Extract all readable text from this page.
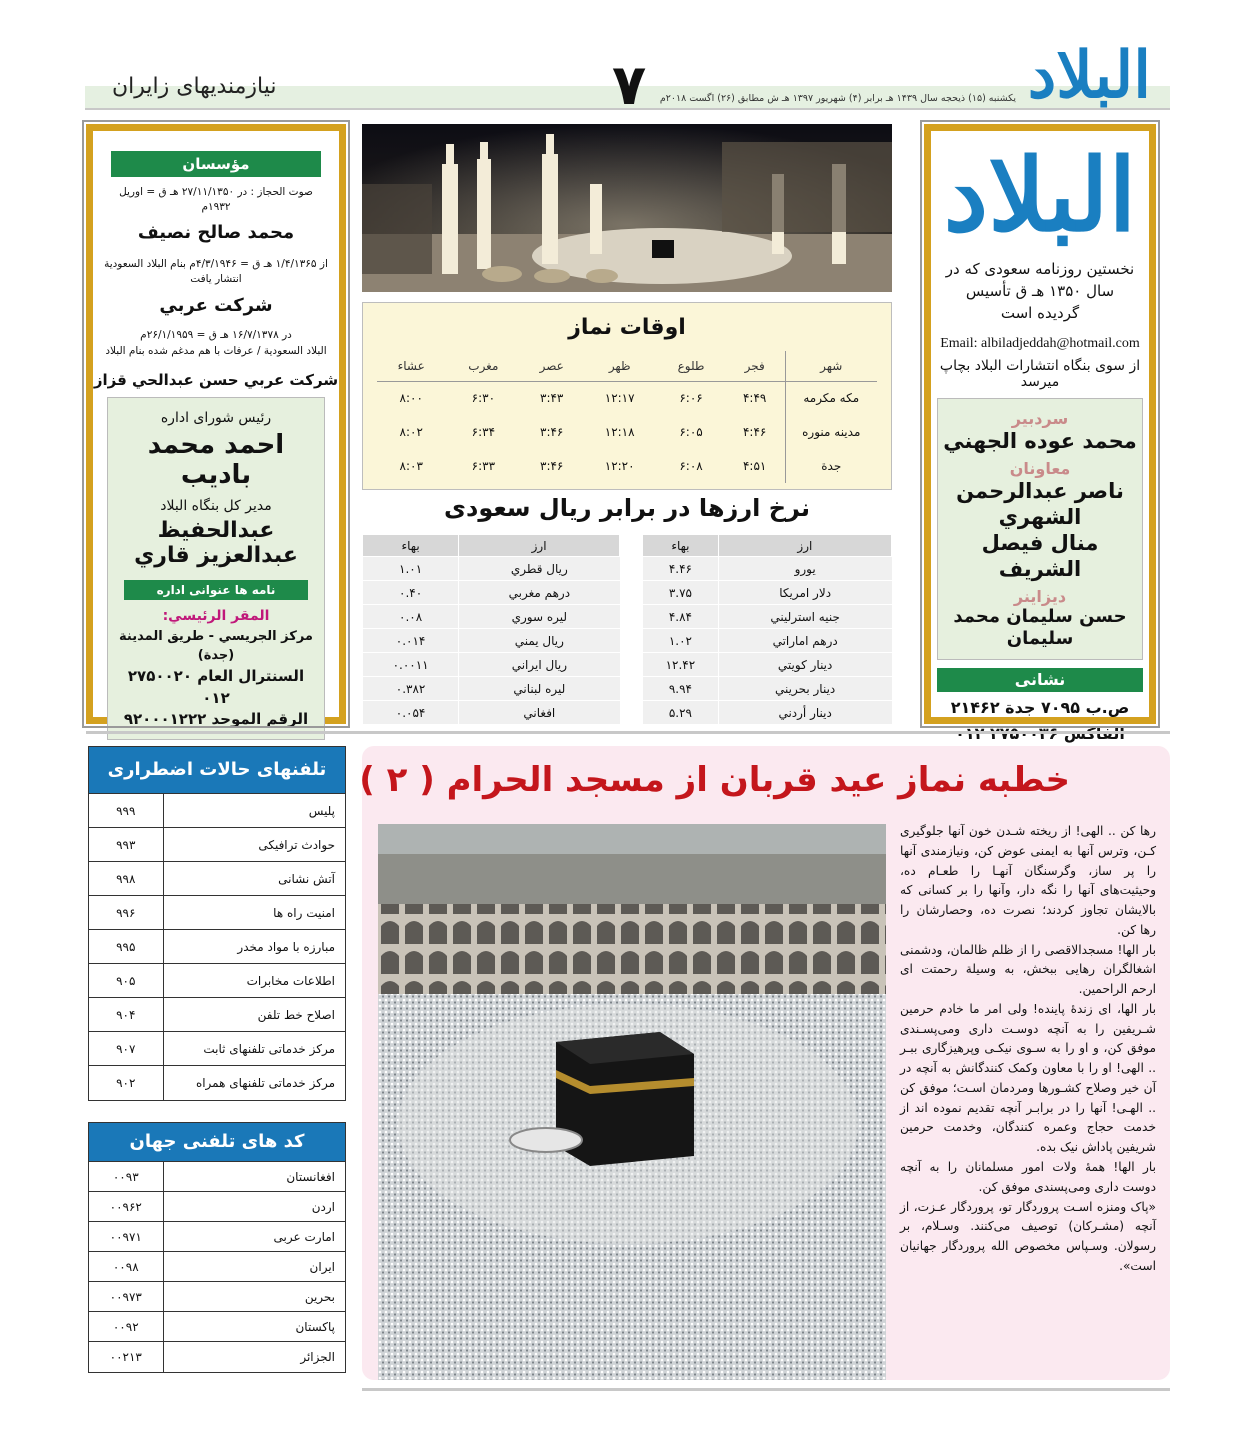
البلاد
نیازمندیهای زایران	۷ یکشنبه (۱۵) ذیحجه سال ۱۴۳۹ هـ برابر (۴) شهریور ۱۳۹۷ هـ ش مطابق (۲۶) اگست ۲۰۱۸م
البلاد
نخستین روزنامه سعودی که در سال ۱۳۵۰ هـ ق تأسیس گردیده است
Email: albiladjeddah@hotmail.com
از سوی بنگاه انتشارات البلاد بچاپ میرسد
سردبیر
محمد عوده الجهني
معاونان
ناصر عبدالرحمن الشهري
منال فيصل الشريف
ديزاينر
حسن سليمان محمد سليمان
نشانی
ص.ب ۷۰۹۵ جدة ۲۱۴۶۲
مؤسسان
صوت الحجاز : در ۲۷/۱۱/۱۳۵۰ هـ ق = اوریل ۱۹۳۲م
محمد صالح نصيف
از ۱/۴/۱۳۶۵ هـ ق = ۴/۳/۱۹۴۶م بنام البلاد السعودية انتشار یافت
شركت عربي
در ۱۶/۷/۱۳۷۸ هـ ق = ۲۶/۱/۱۹۵۹م
البلاد السعودية / عرفات با هم مدغم شده بنام البلاد
شركت عربي حسن عبدالحي قزاز
رئيس شورای اداره
احمد محمد باديب
مدیر کل بنگاه البلاد
عبدالحفيظ عبدالعزيز قاري
نامه ها عنوانی اداره
المقر الرئيسي:
مركز الجريسي - طريق المدينة (جدة)
السنترال العام ۲۷۵۰۰۲۰ ۰۱۲
الرقم الموحد ۹۲۰۰۰۱۲۲۲
اوقات نماز
شهر	فجر	طلوع	ظهر	عصر	مغرب	عشاء
مكه مكرمه	۴:۴۹	۶:۰۶	۱۲:۱۷	۳:۴۳	۶:۳۰	۸:۰۰
مدينه منوره	۴:۴۶	۶:۰۵	۱۲:۱۸	۳:۴۶	۶:۳۴	۸:۰۲
جدة	۴:۵۱	۶:۰۸	۱۲:۲۰	۳:۴۶	۶:۳۳	۸:۰۳
نرخ ارزها در برابر ريال سعودی
ارز	بهاء
يورو	۴.۴۶
دلار امريكا	۳.۷۵
جنيه استرليني	۴.۸۴
درهم اماراتي	۱.۰۲
دينار كويتي	۱۲.۴۲
دينار بحريني	۹.۹۴
دينار أردني	۵.۲۹
ارز	بهاء
ريال قطري	۱.۰۱
درهم مغربي	۰.۴۰
ليره سوري	۰.۰۸
ريال يمني	۰.۰۱۴
ريال ايراني	۰.۰۰۱۱
ليره لبناني	۰.۳۸۲
افغاني	۰.۰۵۴
تلفنهای حالات اضطراری
پلیس	۹۹۹
حوادث ترافیکی	۹۹۳
آتش نشانی	۹۹۸
امنیت راه ها	۹۹۶
مبارزه با مواد مخدر	۹۹۵
اطلاعات مخابرات	۹۰۵
اصلاح خط تلفن	۹۰۴
مرکز خدماتی تلفنهای ثابت	۹۰۷
مرکز خدماتی تلفنهای همراه	۹۰۲
کد های تلفنی جهان
افغانستان	۰۰۹۳
اردن	۰۰۹۶۲
امارت عربی	۰۰۹۷۱
ایران	۰۰۹۸
بحرین	۰۰۹۷۳
پاکستان	۰۰۹۲
الجزائر	۰۰۲۱۳
خطبه نماز عید قربان از مسجد الحرام ( ۲ )

رها کن .. الهی! از ریخته شـدن خون آنها جلوگیری کـن، وترس آنها به ایمنی عوض کن، ونیازمندی آنها را پر ساز، وگرسنگان آنهـا را طعـام ده، وحیثیت‌های آنها را نگه دار، وآنها را بر کسانی که بالایشان تجاوز کردند؛ نصرت ده، وحصارشان را رها کن.

بار الها! مسجدالاقصی را از ظلم ظالمان، ودشمنی اشغالگران رهایی ببخش، به وسیلة رحمتت ای ارحم الراحمین.

بار الها، ای زندهٔ پاینده! ولی امر ما خادم حرمین شـریفین را به آنچه دوسـت داری ومی‌پسـندی موفق کن، و او را به سـوی نیکـی وپرهیزگاری ببـر .. الهی! او را با معاون وکمک کنندگانش به آنچه در آن خیر وصلاح کشـورها ومردمان اسـت؛ موفق کن .. الهـی! آنها را در برابـر آنچه تقدیم نموده اند از خدمت حجاج وعمره کنندگان، وخدمت حرمین شریفین پاداش نیک بده.

بار الها! همهٔ ولات امور مسلمانان را به آنچه دوست داری ومی‌پسندی موفق کن.

«پاک ومنزه اسـت پروردگار تو، پروردگار عـزت، از آنچه (مشـرکان) توصیف می‌کنند. وسـلام، بر رسولان. وسـپاس مخصوص الله پروردگار جهانیان است».
